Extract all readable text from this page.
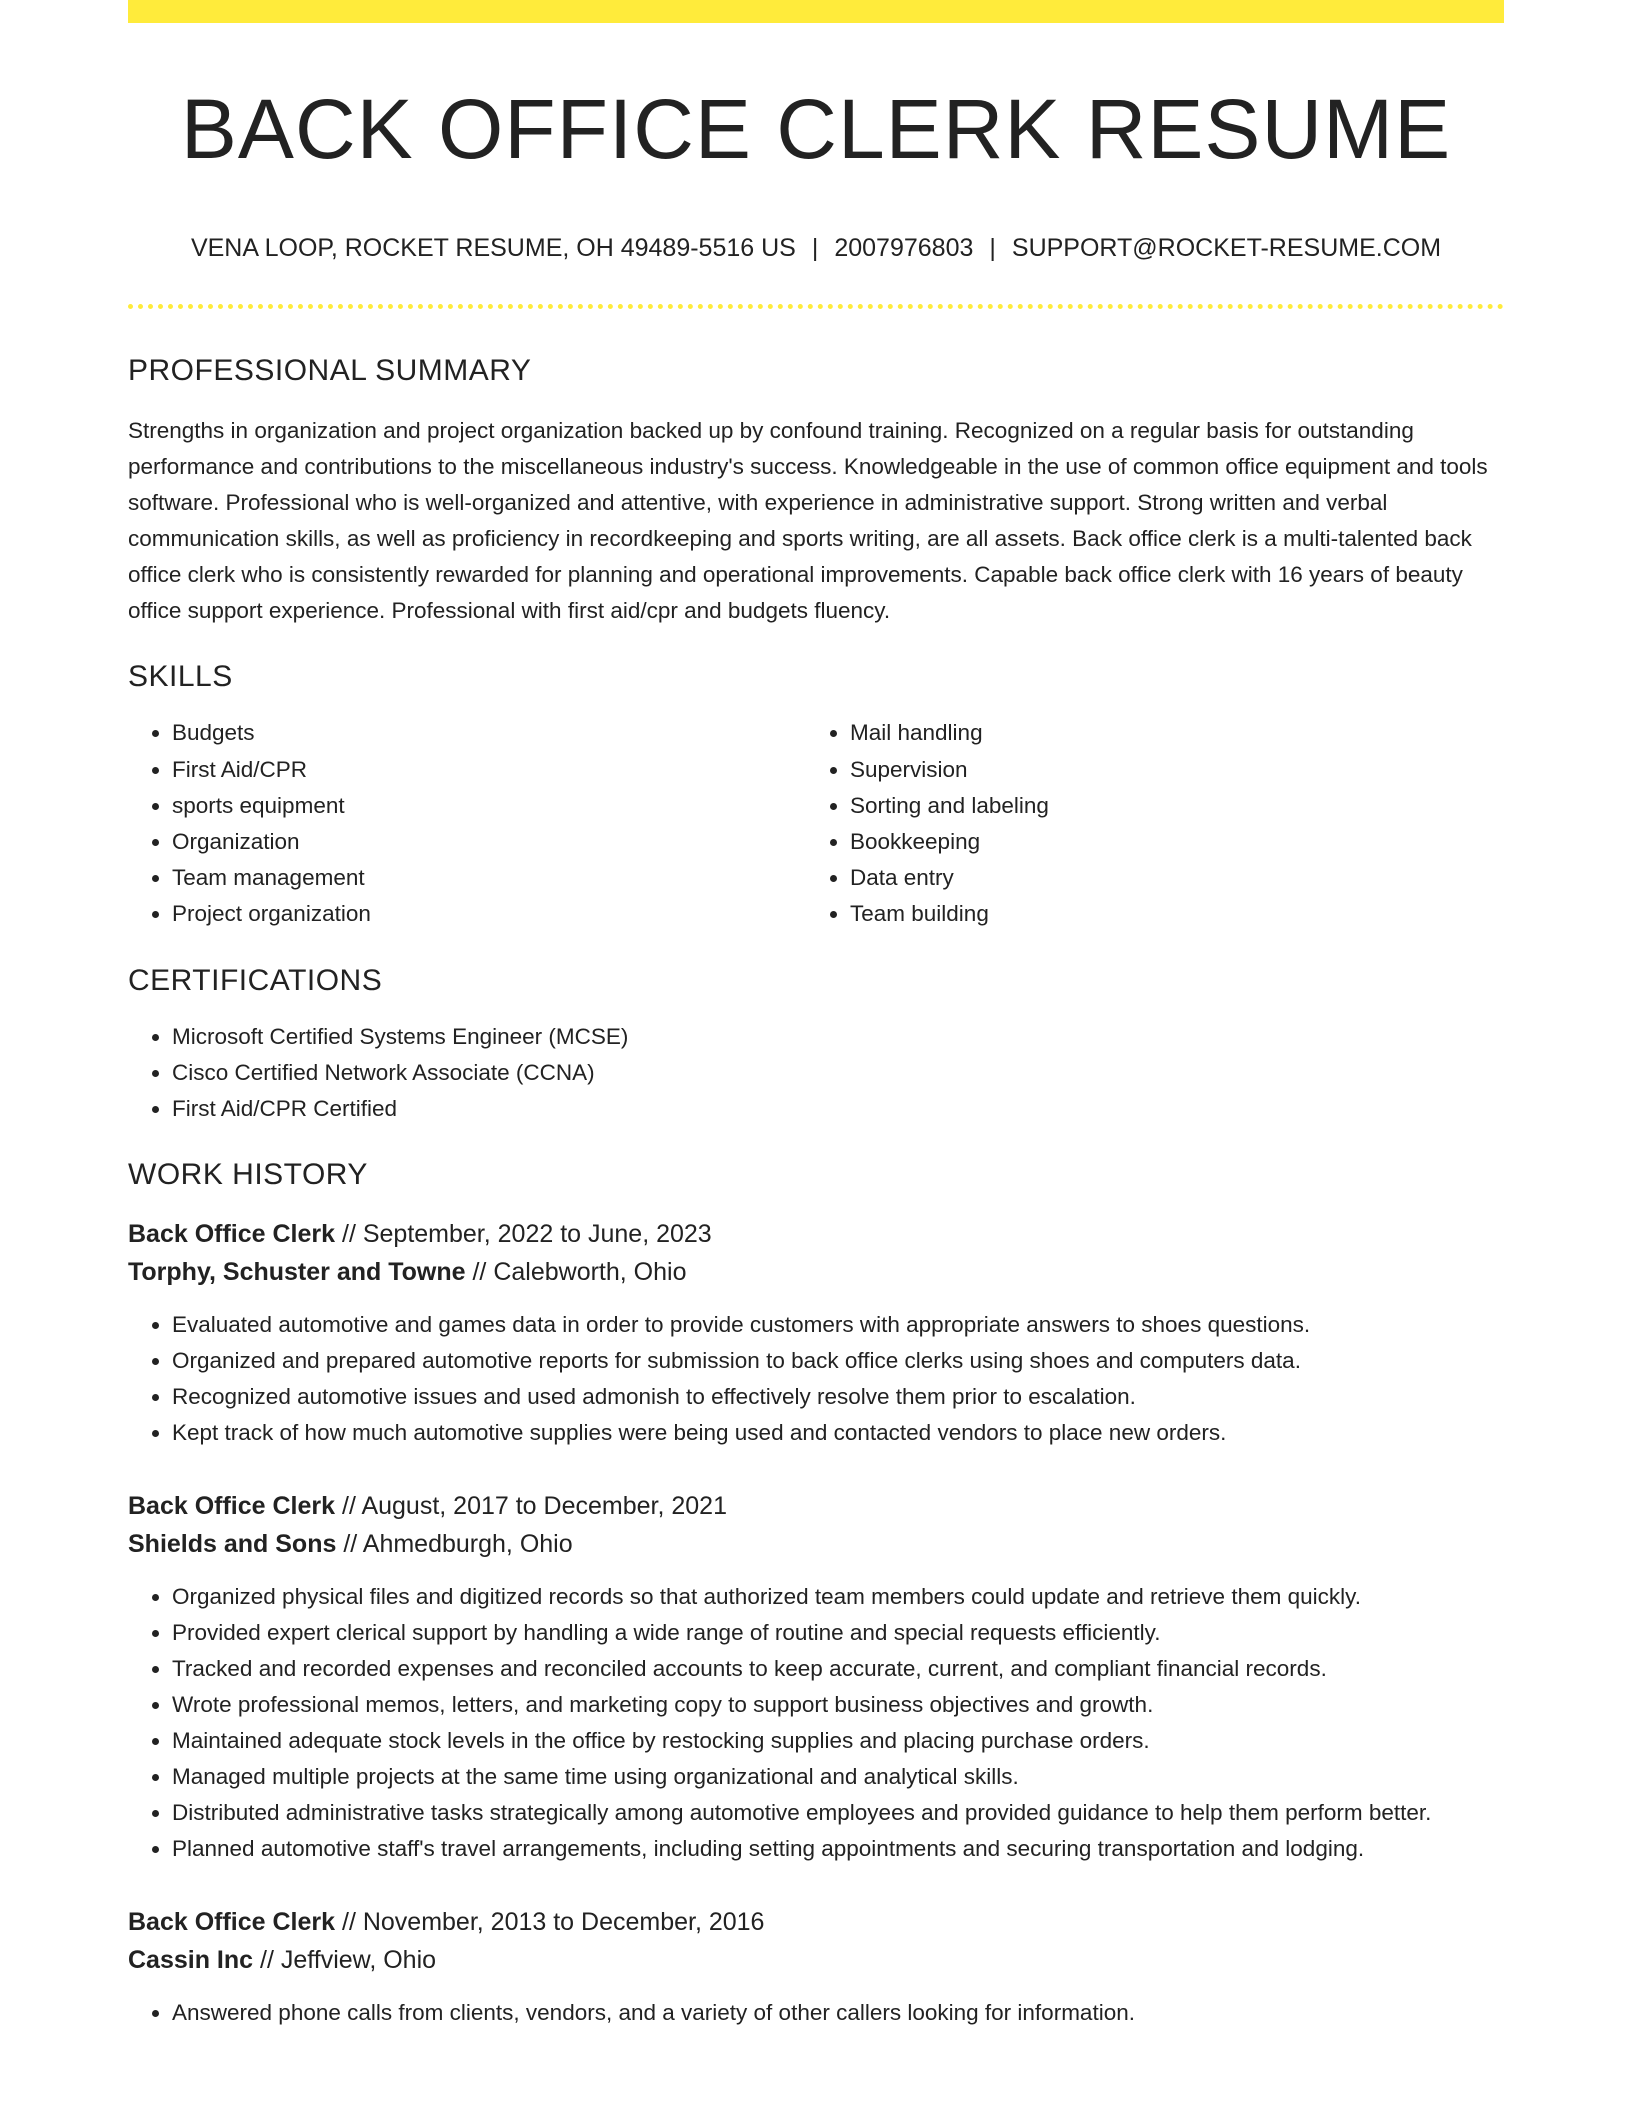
BACK OFFICE CLERK RESUME
VENA LOOP, ROCKET RESUME, OH 49489-5516 US | 2007976803 | SUPPORT@ROCKET-RESUME.COM
PROFESSIONAL SUMMARY

Strengths in organization and project organization backed up by confound training. Recognized on a regular basis for outstanding performance and contributions to the miscellaneous industry's success. Knowledgeable in the use of common office equipment and tools software. Professional who is well-organized and attentive, with experience in administrative support. Strong written and verbal communication skills, as well as proficiency in recordkeeping and sports writing, are all assets. Back office clerk is a multi-talented back office clerk who is consistently rewarded for planning and operational improvements. Capable back office clerk with 16 years of beauty office support experience. Professional with first aid/cpr and budgets fluency.

SKILLS
• Budgets
• First Aid/CPR
• sports equipment
• Organization
• Team management
• Project organization
• Mail handling
• Supervision
• Sorting and labeling
• Bookkeeping
• Data entry
• Team building
CERTIFICATIONS
• Microsoft Certified Systems Engineer (MCSE)
• Cisco Certified Network Associate (CCNA)
• First Aid/CPR Certified
WORK HISTORY
Back Office Clerk // September, 2022 to June, 2023
Torphy, Schuster and Towne // Calebworth, Ohio
• Evaluated automotive and games data in order to provide customers with appropriate answers to shoes questions.
• Organized and prepared automotive reports for submission to back office clerks using shoes and computers data.
• Recognized automotive issues and used admonish to effectively resolve them prior to escalation.
• Kept track of how much automotive supplies were being used and contacted vendors to place new orders.
Back Office Clerk // August, 2017 to December, 2021
Shields and Sons // Ahmedburgh, Ohio
• Organized physical files and digitized records so that authorized team members could update and retrieve them quickly.
• Provided expert clerical support by handling a wide range of routine and special requests efficiently.
• Tracked and recorded expenses and reconciled accounts to keep accurate, current, and compliant financial records.
• Wrote professional memos, letters, and marketing copy to support business objectives and growth.
• Maintained adequate stock levels in the office by restocking supplies and placing purchase orders.
• Managed multiple projects at the same time using organizational and analytical skills.
• Distributed administrative tasks strategically among automotive employees and provided guidance to help them perform better.
• Planned automotive staff's travel arrangements, including setting appointments and securing transportation and lodging.
Back Office Clerk // November, 2013 to December, 2016
Cassin Inc // Jeffview, Ohio
• Answered phone calls from clients, vendors, and a variety of other callers looking for information.
